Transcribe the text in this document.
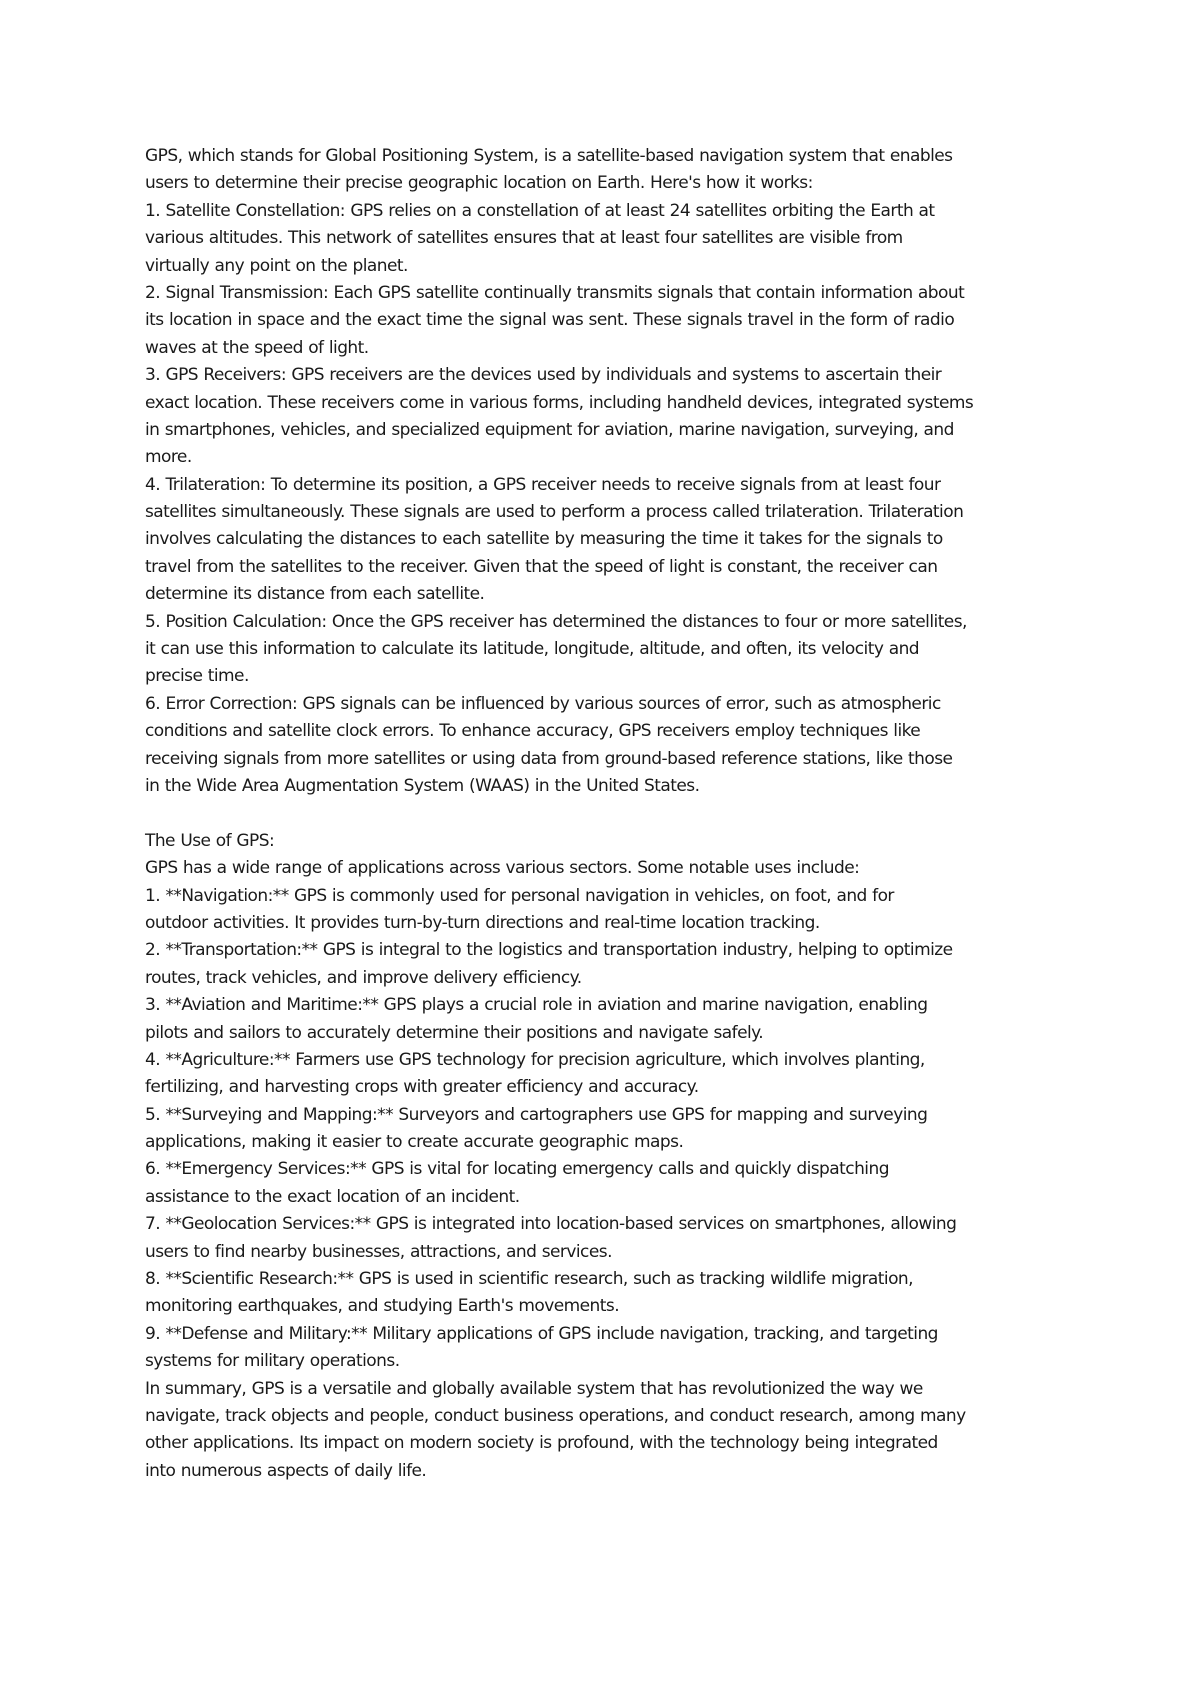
GPS, which stands for Global Positioning System, is a satellite-based navigation system that enables
users to determine their precise geographic location on Earth. Here's how it works:
1. Satellite Constellation: GPS relies on a constellation of at least 24 satellites orbiting the Earth at
various altitudes. This network of satellites ensures that at least four satellites are visible from
virtually any point on the planet.
2. Signal Transmission: Each GPS satellite continually transmits signals that contain information about
its location in space and the exact time the signal was sent. These signals travel in the form of radio
waves at the speed of light.
3. GPS Receivers: GPS receivers are the devices used by individuals and systems to ascertain their
exact location. These receivers come in various forms, including handheld devices, integrated systems
in smartphones, vehicles, and specialized equipment for aviation, marine navigation, surveying, and
more.
4. Trilateration: To determine its position, a GPS receiver needs to receive signals from at least four
satellites simultaneously. These signals are used to perform a process called trilateration. Trilateration
involves calculating the distances to each satellite by measuring the time it takes for the signals to
travel from the satellites to the receiver. Given that the speed of light is constant, the receiver can
determine its distance from each satellite.
5. Position Calculation: Once the GPS receiver has determined the distances to four or more satellites,
it can use this information to calculate its latitude, longitude, altitude, and often, its velocity and
precise time.
6. Error Correction: GPS signals can be influenced by various sources of error, such as atmospheric
conditions and satellite clock errors. To enhance accuracy, GPS receivers employ techniques like
receiving signals from more satellites or using data from ground-based reference stations, like those
in the Wide Area Augmentation System (WAAS) in the United States.
The Use of GPS:
GPS has a wide range of applications across various sectors. Some notable uses include:
1. **Navigation:** GPS is commonly used for personal navigation in vehicles, on foot, and for
outdoor activities. It provides turn-by-turn directions and real-time location tracking.
2. **Transportation:** GPS is integral to the logistics and transportation industry, helping to optimize
routes, track vehicles, and improve delivery efficiency.
3. **Aviation and Maritime:** GPS plays a crucial role in aviation and marine navigation, enabling
pilots and sailors to accurately determine their positions and navigate safely.
4. **Agriculture:** Farmers use GPS technology for precision agriculture, which involves planting,
fertilizing, and harvesting crops with greater efficiency and accuracy.
5. **Surveying and Mapping:** Surveyors and cartographers use GPS for mapping and surveying
applications, making it easier to create accurate geographic maps.
6. **Emergency Services:** GPS is vital for locating emergency calls and quickly dispatching
assistance to the exact location of an incident.
7. **Geolocation Services:** GPS is integrated into location-based services on smartphones, allowing
users to find nearby businesses, attractions, and services.
8. **Scientific Research:** GPS is used in scientific research, such as tracking wildlife migration,
monitoring earthquakes, and studying Earth's movements.
9. **Defense and Military:** Military applications of GPS include navigation, tracking, and targeting
systems for military operations.
In summary, GPS is a versatile and globally available system that has revolutionized the way we
navigate, track objects and people, conduct business operations, and conduct research, among many
other applications. Its impact on modern society is profound, with the technology being integrated
into numerous aspects of daily life.
